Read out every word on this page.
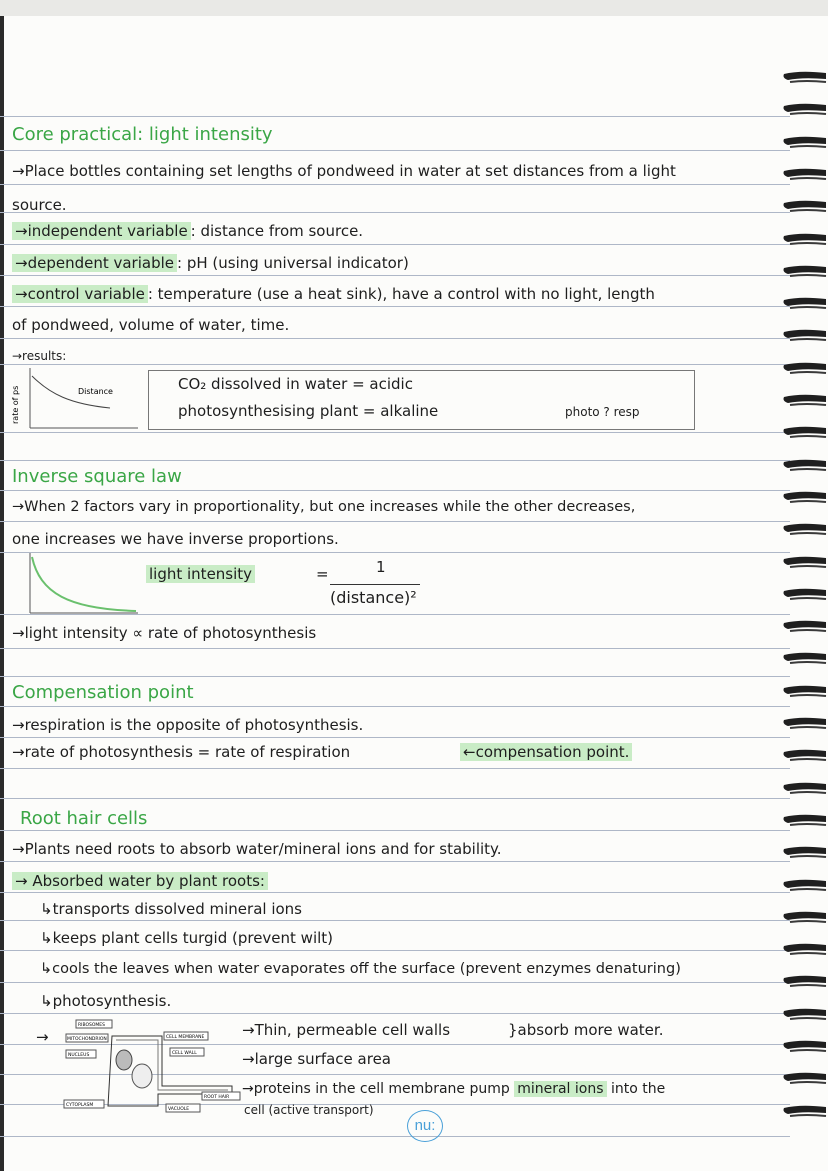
Core practical: light intensity
→Place bottles containing set lengths of pondweed in water at set distances from a light
source.
→independent variable : distance from source.
→dependent variable : pH (using universal indicator)
→control variable : temperature (use a heat sink), have a control with no light, length
of pondweed, volume of water, time.
→results:
rate of ps	Distance	CO₂ dissolved in water = acidic
photosynthesising plant = alkaline	photo ? resp
Inverse square law
→When 2 factors vary in proportionality, but one increases while the other decreases,
one increases we have inverse proportions.
light intensity	=	1
(distance)²
→light intensity ∝ rate of photosynthesis
Compensation point
→respiration is the opposite of photosynthesis.
→rate of photosynthesis = rate of respiration	←compensation point.
Root hair cells
→Plants need roots to absorb water/mineral ions and for stability.
→ Absorbed water by plant roots:
↳transports dissolved mineral ions
↳keeps plant cells turgid (prevent wilt)
↳cools the leaves when water evaporates off the surface (prevent enzymes denaturing)
↳photosynthesis.
→
RIBOSOMES
MITOCHONDRION
NUCLEUS
CYTOPLASM
CELL MEMBRANE
CELL WALL
ROOT HAIR
VACUOLE
→Thin, permeable cell walls	}absorb more water.
→large surface area
→proteins in the cell membrane pump mineral ions into the
cell (active transport)
nu:
